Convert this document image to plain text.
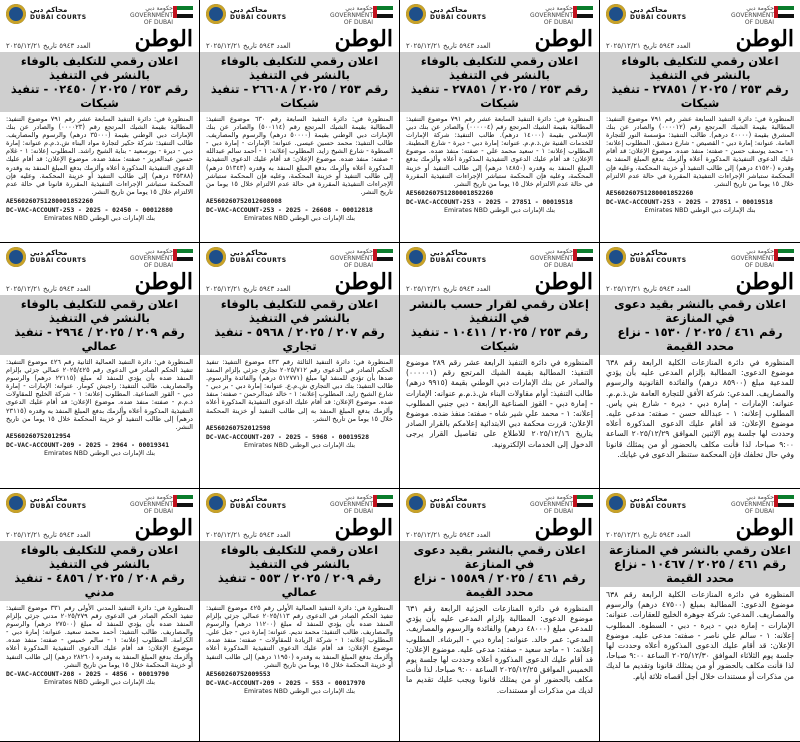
محاكم دبي
DUBAI COURTS
حكومة دبي
GOVERNMENT OF DUBAI
العدد ٥٩٤٣ تاريخ ٢٠٢٥/١٢/٢١ الوطن
اعلان رقمي للتكليف بالوفاء بالنشر في التنفيذ
رقم ٢٥٣ / ٢٠٢٥ / ٠٢٤٥٠ - تنفيذ شيكات

المنظورة في: دائرة التنفيذ السابعة عشر رقم ٧٩١ موضوع التنفيذ: المطالبة بقيمة الشيك المرتجع رقم (٠٠٠٠٢٣) والصادر عن بنك الإمارات دبي الوطني بقيمة (٣٥٠٠٠ درهم) والرسوم والمصاريف. طالب التنفيذ: شركة حكير لتجارة مواد البناء ش.ذ.م.م عنوانه: إمارة دبي - ديرة - بورسعيد - بناية الشيخ راشد. المطلوب إعلانه: ١ - غلام حسين عبدالعزيز - صفته: منفذ ضده. موضوع الإعلان: قد أقام عليك الدعوى التنفيذية المذكورة أعلاه وألزمك بدفع المبلغ المنفذ به وقدره (٣٥٣٨٨ درهم) إلى طالب التنفيذ أو خزينة المحكمة. وعليه فإن المحكمة ستباشر الإجراءات التنفيذية المقررة قانونا في حالة عدم الالتزام خلال ١٥ يوما من تاريخ النشر.

AE560260751280001852260
DC-VAC-ACCOUNT-253 - 2025 - 02450 - 00012880
بنك الإمارات دبي الوطني Emirates NBD
محاكم دبي
DUBAI COURTS
حكومة دبي
GOVERNMENT OF DUBAI
العدد ٥٩٤٣ تاريخ ٢٠٢٥/١٢/٢١ الوطن
اعلان رقمي للتكليف بالوفاء بالنشر في التنفيذ
رقم ٢٥٣ / ٢٠٢٥ / ٢٦٦٠٨ - تنفيذ شيكات

المنظورة في: دائرة التنفيذ السابعة رقم ٦٣٠ موضوع التنفيذ: المطالبة بقيمة الشيك المرتجع رقم (٥٠٠١١٤) والصادر عن بنك الإمارات دبي الوطني بقيمة (٥٠٠٠٠ درهم) والرسوم والمصاريف. طالب التنفيذ: محمد حسين عيسى. عنوانه: الإمارات - إمارة دبي - السطوة - شارع الشيخ زايد. المطلوب إعلانه: ١ - أحمد سالم عبدالله - صفته: منفذ ضده. موضوع الإعلان: قد أقام عليك الدعوى التنفيذية المذكورة أعلاه وألزمك بدفع المبلغ المنفذ به وقدره (٥١٣٤٣ درهم) إلى طالب التنفيذ أو خزينة المحكمة، وعليه فإن المحكمة ستباشر الإجراءات التنفيذية المقررة في حالة عدم الالتزام خلال ١٥ يوما من تاريخ النشر.

AE560260752012608008
DC-VAC-ACCOUNT-253 - 2025 - 26608 - 00012818
بنك الإمارات دبي الوطني Emirates NBD
محاكم دبي
DUBAI COURTS
حكومة دبي
GOVERNMENT OF DUBAI
العدد ٥٩٤٣ تاريخ ٢٠٢٥/١٢/٢١ الوطن
اعلان رقمي للتكليف بالوفاء بالنشر في التنفيذ
رقم ٢٥٣ / ٢٠٢٥ / ٢٧٨٥١ - تنفيذ شيكات

المنظورة في: دائرة التنفيذ السابعة عشر رقم ٧٩١ موضوع التنفيذ: المطالبة بقيمة الشيك المرتجع رقم (٠٠٠٠٠٤) والصادر عن بنك دبي الإسلامي بقيمة (١٤٠٠٠ درهم). طالب التنفيذ: شركة الإمارات للخدمات الفنية ش.ذ.م.م. عنوانه: إمارة دبي - ديرة - شارع المطينة. المطلوب إعلانه: ١ - سعيد محمد علي - صفته: منفذ ضده. موضوع الإعلان: قد أقام عليك الدعوى التنفيذية المذكورة أعلاه وألزمك بدفع المبلغ المنفذ به وقدره (١٤٨٥٠ درهم) إلى طالب التنفيذ أو خزينة المحكمة، وعليه فإن المحكمة ستباشر الإجراءات التنفيذية المقررة في حالة عدم الالتزام خلال ١٥ يوما من تاريخ النشر.

AE560260751280001852260
DC-VAC-ACCOUNT-253 - 2025 - 27851 - 00019518
بنك الإمارات دبي الوطني Emirates NBD
محاكم دبي
DUBAI COURTS
حكومة دبي
GOVERNMENT OF DUBAI
العدد ٥٩٤٣ تاريخ ٢٠٢٥/١٢/٢١ الوطن
اعلان رقمي للتكليف بالوفاء بالنشر في التنفيذ
رقم ٢٥٣ / ٢٠٢٥ / ٢٧٨٥١ - تنفيذ شيكات

المنظورة في: دائرة التنفيذ السابعة عشر رقم ٧٩١ موضوع التنفيذ: المطالبة بقيمة الشيك المرتجع رقم (٠٠٠٠١٢) والصادر عن بنك المشرق بقيمة (٤٠٠٠٠ درهم). طالب التنفيذ: مؤسسة النور للتجارة العامة. عنوانه: إمارة دبي - القصيص - شارع دمشق. المطلوب إعلانه: ١ - محمد يوسف حسن - صفته: منفذ ضده. موضوع الإعلان: قد أقام عليك الدعوى التنفيذية المذكورة أعلاه وألزمك بدفع المبلغ المنفذ به وقدره (٤١٥٢٠ درهم) إلى طالب التنفيذ أو خزينة المحكمة، وعليه فإن المحكمة ستباشر الإجراءات التنفيذية المقررة في حالة عدم الالتزام خلال ١٥ يوما من تاريخ النشر.

AE560260751280001852260
DC-VAC-ACCOUNT-253 - 2025 - 27851 - 00019518
بنك الإمارات دبي الوطني Emirates NBD
محاكم دبي
DUBAI COURTS
حكومة دبي
GOVERNMENT OF DUBAI
العدد ٥٩٤٣ تاريخ ٢٠٢٥/١٢/٢١ الوطن
اعلان رقمي للتكليف بالوفاء بالنشر في التنفيذ
رقم ٢٠٩ / ٢٠٢٥ / ٢٩٦٤ - تنفيذ عمالي

المنظورة في: دائرة التنفيذ العمالية الثانية رقم ٤٢٦ موضوع التنفيذ: تنفيذ الحكم الصادر في الدعوى رقم ٢٠٢٥/٤٢٥ عمالي جزئي بإلزام المنفذ ضده بأن يؤدي للمنفذ له مبلغ (٢٢١١٥ درهم) والرسوم والمصاريف. طالب التنفيذ: راجيش كومار. عنوانه: الإمارات - إمارة دبي - القوز الصناعية. المطلوب إعلانه: ١ - شركة الخليج للمقاولات ذ.م.م - صفته: منفذ ضده. موضوع الإعلان: قد أقام عليك الدعوى التنفيذية المذكورة أعلاه وألزمك بدفع المبلغ المنفذ به وقدره (٢٣١١٥ درهم) إلى طالب التنفيذ أو خزينة المحكمة خلال ١٥ يوما من تاريخ النشر.

AE560260752012954
DC-VAC-ACCOUNT-209 - 2025 - 2964 - 00019341
بنك الإمارات دبي الوطني Emirates NBD
محاكم دبي
DUBAI COURTS
حكومة دبي
GOVERNMENT OF DUBAI
العدد ٥٩٤٣ تاريخ ٢٠٢٥/١٢/٢١ الوطن
اعلان رقمي للتكليف بالوفاء بالنشر في التنفيذ
رقم ٢٠٧ / ٢٠٢٥ / ٥٩٦٨ - تنفيذ تجاري

المنظورة في: دائرة التنفيذ الثالثة رقم ٤٣٣ موضوع التنفيذ: تنفيذ الحكم الصادر في الدعوى رقم ٢٠٢٥/٧١٢ تجاري جزئي بإلزام المنفذ ضدها بأن تؤدي للمنفذ لها مبلغ (٥١٢٧٧١ درهم) والفائدة والرسوم. طالب التنفيذ: بنك دبي التجاري ش.م.ع. عنوانه: إمارة دبي - بر دبي - شارع الشيخ زايد. المطلوب إعلانه: ١ - خالد عبدالرحمن - صفته: منفذ ضده. موضوع الإعلان: قد أقام عليك الدعوى التنفيذية المذكورة أعلاه وألزمك بدفع المبلغ المنفذ به إلى طالب التنفيذ أو خزينة المحكمة خلال ١٥ يوما من تاريخ النشر.

AE560260752012598
DC-VAC-ACCOUNT-207 - 2025 - 5968 - 00019528
بنك الإمارات دبي الوطني Emirates NBD
محاكم دبي
DUBAI COURTS
حكومة دبي
GOVERNMENT OF DUBAI
العدد ٥٩٤٣ تاريخ ٢٠٢٥/١٢/٢١ الوطن
إعلان رقمي لقرار حسب بالنشر في التنفيذ
رقم ٢٥٣ / ٢٠٢٥ / ١٠٤١١ - تنفيذ شيكات

المنظورة في دائرة التنفيذ الرابعة عشر رقم ٢٨٩ موضوع التنفيذ: المطالبة بقيمة الشيك المرتجع رقم (٠٠٠٠٠١) والصادر عن بنك الإمارات دبي الوطني بقيمة (٩٩١٥ درهم) طالب التنفيذ: أوام مقاولات البناء ش.ذ.م.م عنوانه: الإمارات - إمارة دبي - القوز الصناعية الرابعة - دبي جنبي المطلوب إعلانه: ١ - محمد علي شير شاه - صفته: منفذ ضده. موضوع الإعلان: قررت محكمة دبي الابتدائية إعلامكم بالقرار الصادر بتاريخ ٢٠٢٥/١٢/١٦ للاطلاع على تفاصيل القرار يرجى الدخول إلى الخدمات الإلكترونية.

محاكم دبي
DUBAI COURTS
حكومة دبي
GOVERNMENT OF DUBAI
العدد ٥٩٤٣ تاريخ ٢٠٢٥/١٢/٢١ الوطن
اعلان رقمي بالنشر بقيد دعوى في المنازعة
رقم ٤٦١ / ٢٠٢٥ / ١٥٣٠ - نزاع محدد القيمة

المنظورة في دائرة المنازعات الكلية الرابعة رقم ٦٣٨ موضوع الدعوى: المطالبة بإلزام المدعى عليه بأن يؤدي للمدعية مبلغ (٨٥٩٠٠ درهم) والفائدة القانونية والرسوم والمصاريف. المدعي: شركة الأفق للتجارة العامة ش.ذ.م.م. عنوانه: الإمارات - إمارة دبي - ديرة - شارع بني ياس. المطلوب إعلانه: ١ - عبدالله حسن - صفته: مدعى عليه. موضوع الإعلان: قد أقام عليك الدعوى المذكورة أعلاه وحددت لها جلسة يوم الإثنين الموافق ٢٠٢٥/١٢/٢٩ الساعة ٩:٠٠ صباحا، لذا فأنت مكلف بالحضور أو من يمثلك قانونا وفي حال تخلفك فإن المحكمة ستنظر الدعوى في غيابك.

محاكم دبي
DUBAI COURTS
حكومة دبي
GOVERNMENT OF DUBAI
العدد ٥٩٤٣ تاريخ ٢٠٢٥/١٢/٢١ الوطن
اعلان رقمي للتكليف بالوفاء بالنشر في التنفيذ
رقم ٢٠٨ / ٢٠٢٥ / ٤٨٥٦ - تنفيذ مدني

المنظورة في: دائرة التنفيذ المدني الأولى رقم ٣٣١ موضوع التنفيذ: تنفيذ الحكم الصادر في الدعوى رقم ٢٠٢٥/٢٧٩ مدني جزئي بإلزام المنفذ ضده بأن يؤدي للمنفذ له مبلغ (٢٧٥٠٠ درهم) والرسوم والمصاريف. طالب التنفيذ: أحمد محمد سعيد. عنوانه: إمارة دبي - الكرامة. المطلوب إعلانه: ١ - سالم خميس - صفته: منفذ ضده. موضوع الإعلان: قد أقام عليك الدعوى التنفيذية المذكورة أعلاه وألزمك بدفع المبلغ المنفذ به وقدره (٢٨٢٦٠ درهم) إلى طالب التنفيذ أو خزينة المحكمة خلال ١٥ يوما من تاريخ النشر.

DC-VAC-ACCOUNT-208 - 2025 - 4856 - 00019790
بنك الإمارات دبي الوطني Emirates NBD
محاكم دبي
DUBAI COURTS
حكومة دبي
GOVERNMENT OF DUBAI
العدد ٥٩٤٣ تاريخ ٢٠٢٥/١٢/٢١ الوطن
اعلان رقمي للتكليف بالوفاء بالنشر في التنفيذ
رقم ٢٠٩ / ٢٠٢٥ / ٥٥٣ - تنفيذ عمالي

المنظورة في: دائرة التنفيذ العمالية الأولى رقم ٤٢٥ موضوع التنفيذ: تنفيذ الحكم الصادر في الدعوى رقم ٢٠٢٥/١١٣ عمالي جزئي بإلزام المنفذ ضده بأن يؤدي للمنفذ له مبلغ (١١٢٠٠ درهم) والرسوم والمصاريف. طالب التنفيذ: محمد نديم. عنوانه: إمارة دبي - جبل علي. المطلوب إعلانه: ١ - شركة الريادة للمقاولات - صفته: منفذ ضده. موضوع الإعلان: قد أقام عليك الدعوى التنفيذية المذكورة أعلاه وألزمك بدفع المبلغ المنفذ به وقدره (١١٩٥٠ درهم) إلى طالب التنفيذ أو خزينة المحكمة خلال ١٥ يوما من تاريخ النشر.

AE560260752009553
DC-VAC-ACCOUNT-209 - 2025 - 553 - 00017970
بنك الإمارات دبي الوطني Emirates NBD
محاكم دبي
DUBAI COURTS
حكومة دبي
GOVERNMENT OF DUBAI
العدد ٥٩٤٣ تاريخ ٢٠٢٥/١٢/٢١ الوطن
اعلان رقمي بالنشر بقيد دعوى في المنازعة
رقم ٤٦١ / ٢٠٢٥ / ١٥٥٨٩ - نزاع محدد القيمة

المنظورة في دائرة المنازعات الجزئية الرابعة رقم ٦٣١ موضوع الدعوى: المطالبة بإلزام المدعى عليه بأن يؤدي للمدعي مبلغ (٤٨٠٠٠ درهم) والفائدة والرسوم والمصاريف. المدعي: عمر خالد. عنوانه: إمارة دبي - البرشاء. المطلوب إعلانه: ١ - ماجد سعيد - صفته: مدعى عليه. موضوع الإعلان: قد أقام عليك الدعوى المذكورة أعلاه وحددت لها جلسة يوم الخميس الموافق ٢٠٢٥/١٢/٢٥ الساعة ٩:٠٠ صباحا، لذا فأنت مكلف بالحضور أو من يمثلك قانونا ويجب عليك تقديم ما لديك من مذكرات أو مستندات.

محاكم دبي
DUBAI COURTS
حكومة دبي
GOVERNMENT OF DUBAI
العدد ٥٩٤٣ تاريخ ٢٠٢٥/١٢/٢١ الوطن
اعلان رقمي بالنشر في المنازعة
رقم ٤٦١ / ٢٠٢٥ / ١٠٤٦٧ - نزاع محدد القيمة

المنظورة في دائرة المنازعات الكلية الرابعة رقم ٦٣٨ موضوع الدعوى: المطالبة بمبلغ (٤٧٥٠٠ درهم) والرسوم والمصاريف. المدعي: شركة جوهرة الخليج للعقارات. عنوانه: الإمارات - إمارة دبي - ديرة - دبي - السطوة. المطلوب إعلانه: ١ - سالم علي ناصر - صفته: مدعى عليه. موضوع الإعلان: قد أقام عليك الدعوى المذكورة أعلاه وحددت لها جلسة يوم الثلاثاء الموافق ٢٠٢٥/١٢/٣٠ الساعة ٩:٠٠ صباحا، لذا فأنت مكلف بالحضور أو من يمثلك قانونا وتقديم ما لديك من مذكرات أو مستندات خلال أجل أقصاه ثلاثة أيام.
